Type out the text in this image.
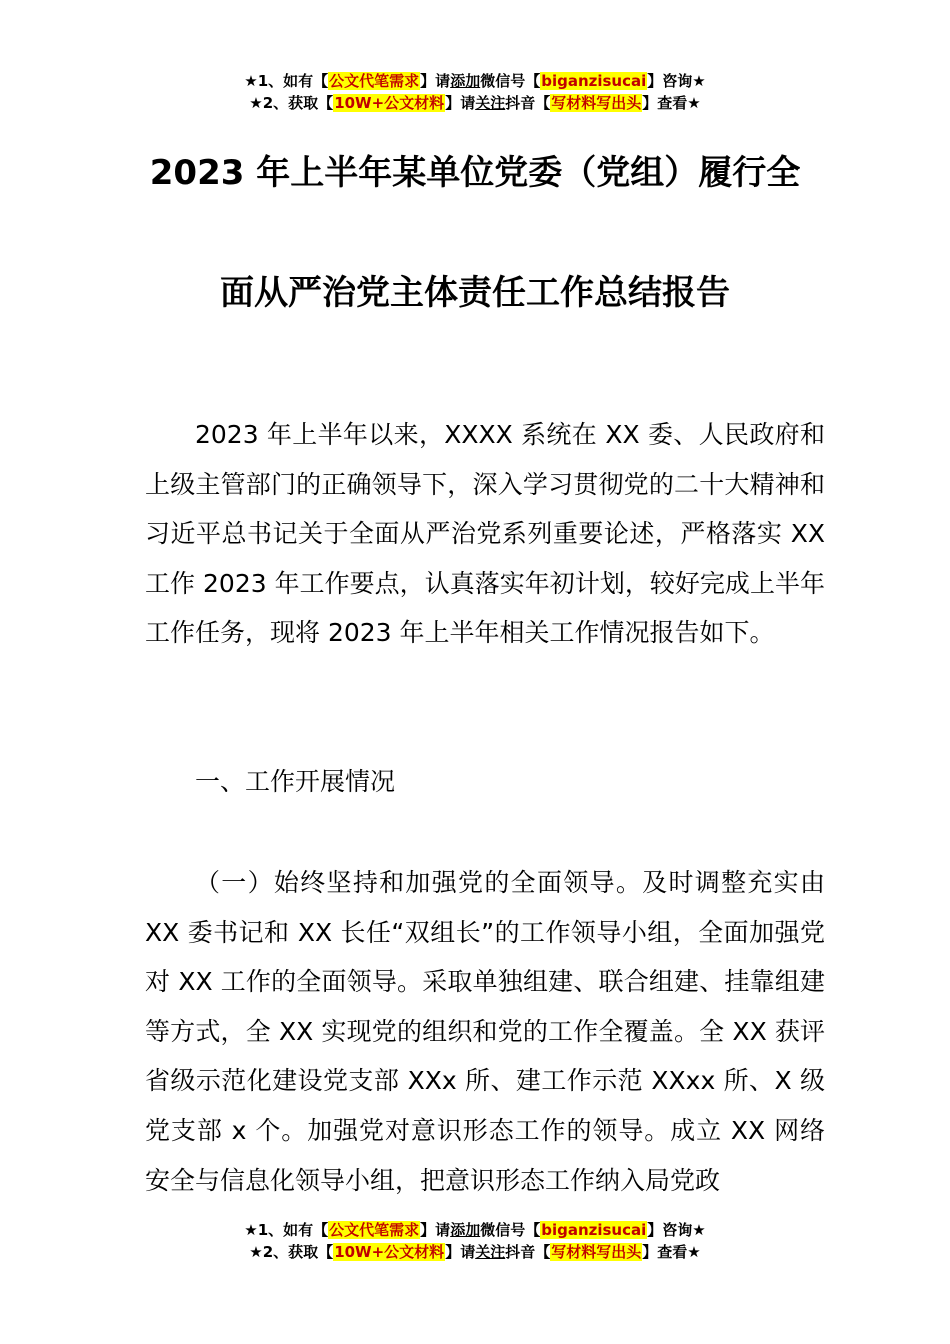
★1、如有【公文代笔需求】请添加微信号【biganzisucai】咨询★
★2、获取【10W+公文材料】请关注抖音【写材料写出头】查看★
2023 年上半年某单位党委（党组）履行全
面从严治党主体责任工作总结报告

2023 年上半年以来，XXXX 系统在 XX 委、人民政府和上级主管部门的正确领导下，深入学习贯彻党的二十大精神和习近平总书记关于全面从严治党系列重要论述，严格落实 XX 工作 2023 年工作要点，认真落实年初计划，较好完成上半年工作任务，现将 2023 年上半年相关工作情况报告如下。

一、工作开展情况

（一）始终坚持和加强党的全面领导。及时调整充实由 XX 委书记和 XX 长任“双组长”的工作领导小组，全面加强党对 XX 工作的全面领导。采取单独组建、联合组建、挂靠组建等方式，全 XX 实现党的组织和党的工作全覆盖。全 XX 获评省级示范化建设党支部 XXx 所、建工作示范 XXxx 所、X 级党支部 x 个。加强党对意识形态工作的领导。成立 XX 网络安全与信息化领导小组，把意识形态工作纳入局党政

★1、如有【公文代笔需求】请添加微信号【biganzisucai】咨询★
★2、获取【10W+公文材料】请关注抖音【写材料写出头】查看★
